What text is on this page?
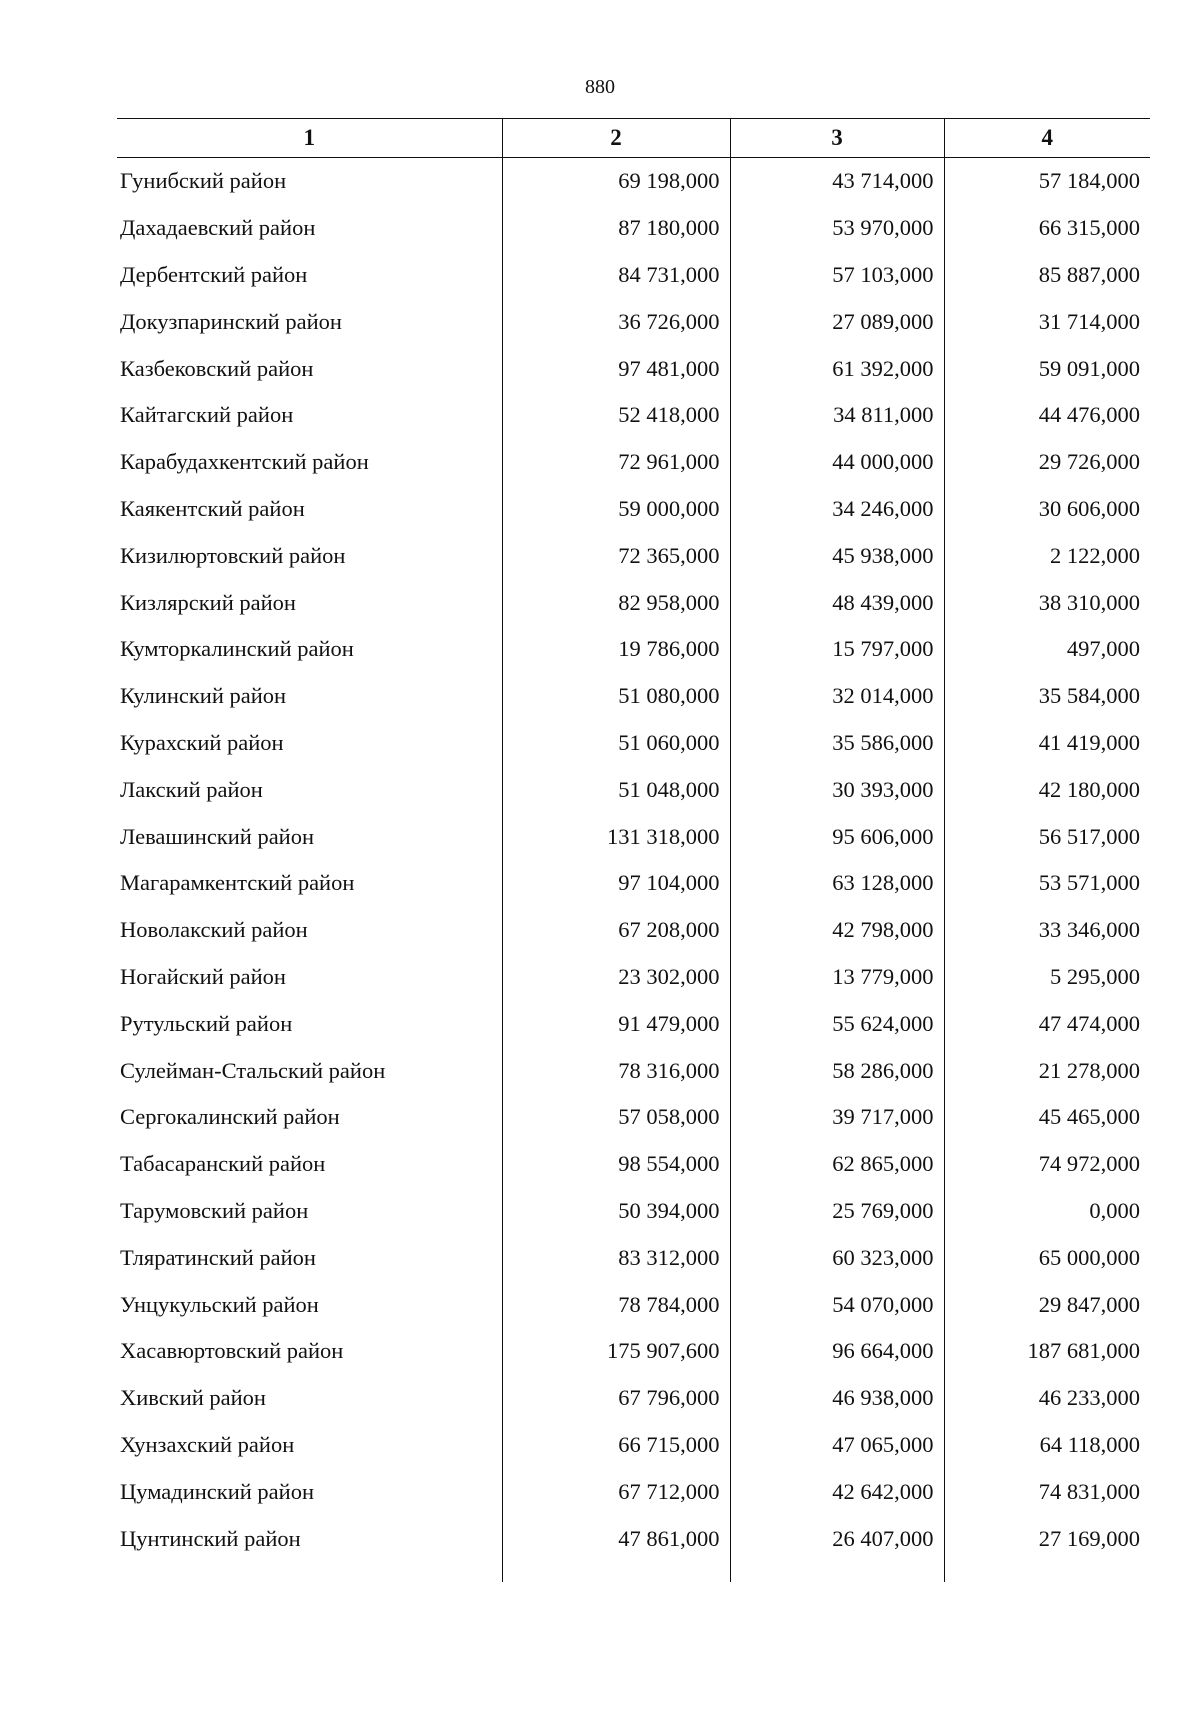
880
1	2	3	4
Гунибский район	69 198,000	43 714,000	57 184,000
Дахадаевский район	87 180,000	53 970,000	66 315,000
Дербентский район	84 731,000	57 103,000	85 887,000
Докузпаринский район	36 726,000	27 089,000	31 714,000
Казбековский район	97 481,000	61 392,000	59 091,000
Кайтагский район	52 418,000	34 811,000	44 476,000
Карабудахкентский район	72 961,000	44 000,000	29 726,000
Каякентский район	59 000,000	34 246,000	30 606,000
Кизилюртовский район	72 365,000	45 938,000	2 122,000
Кизлярский район	82 958,000	48 439,000	38 310,000
Кумторкалинский район	19 786,000	15 797,000	497,000
Кулинский район	51 080,000	32 014,000	35 584,000
Курахский район	51 060,000	35 586,000	41 419,000
Лакский район	51 048,000	30 393,000	42 180,000
Левашинский район	131 318,000	95 606,000	56 517,000
Магарамкентский район	97 104,000	63 128,000	53 571,000
Новолакский район	67 208,000	42 798,000	33 346,000
Ногайский район	23 302,000	13 779,000	5 295,000
Рутульский район	91 479,000	55 624,000	47 474,000
Сулейман-Стальский район	78 316,000	58 286,000	21 278,000
Сергокалинский район	57 058,000	39 717,000	45 465,000
Табасаранский район	98 554,000	62 865,000	74 972,000
Тарумовский район	50 394,000	25 769,000	0,000
Тляратинский район	83 312,000	60 323,000	65 000,000
Унцукульский район	78 784,000	54 070,000	29 847,000
Хасавюртовский район	175 907,600	96 664,000	187 681,000
Хивский район	67 796,000	46 938,000	46 233,000
Хунзахский район	66 715,000	47 065,000	64 118,000
Цумадинский район	67 712,000	42 642,000	74 831,000
Цунтинский район	47 861,000	26 407,000	27 169,000
